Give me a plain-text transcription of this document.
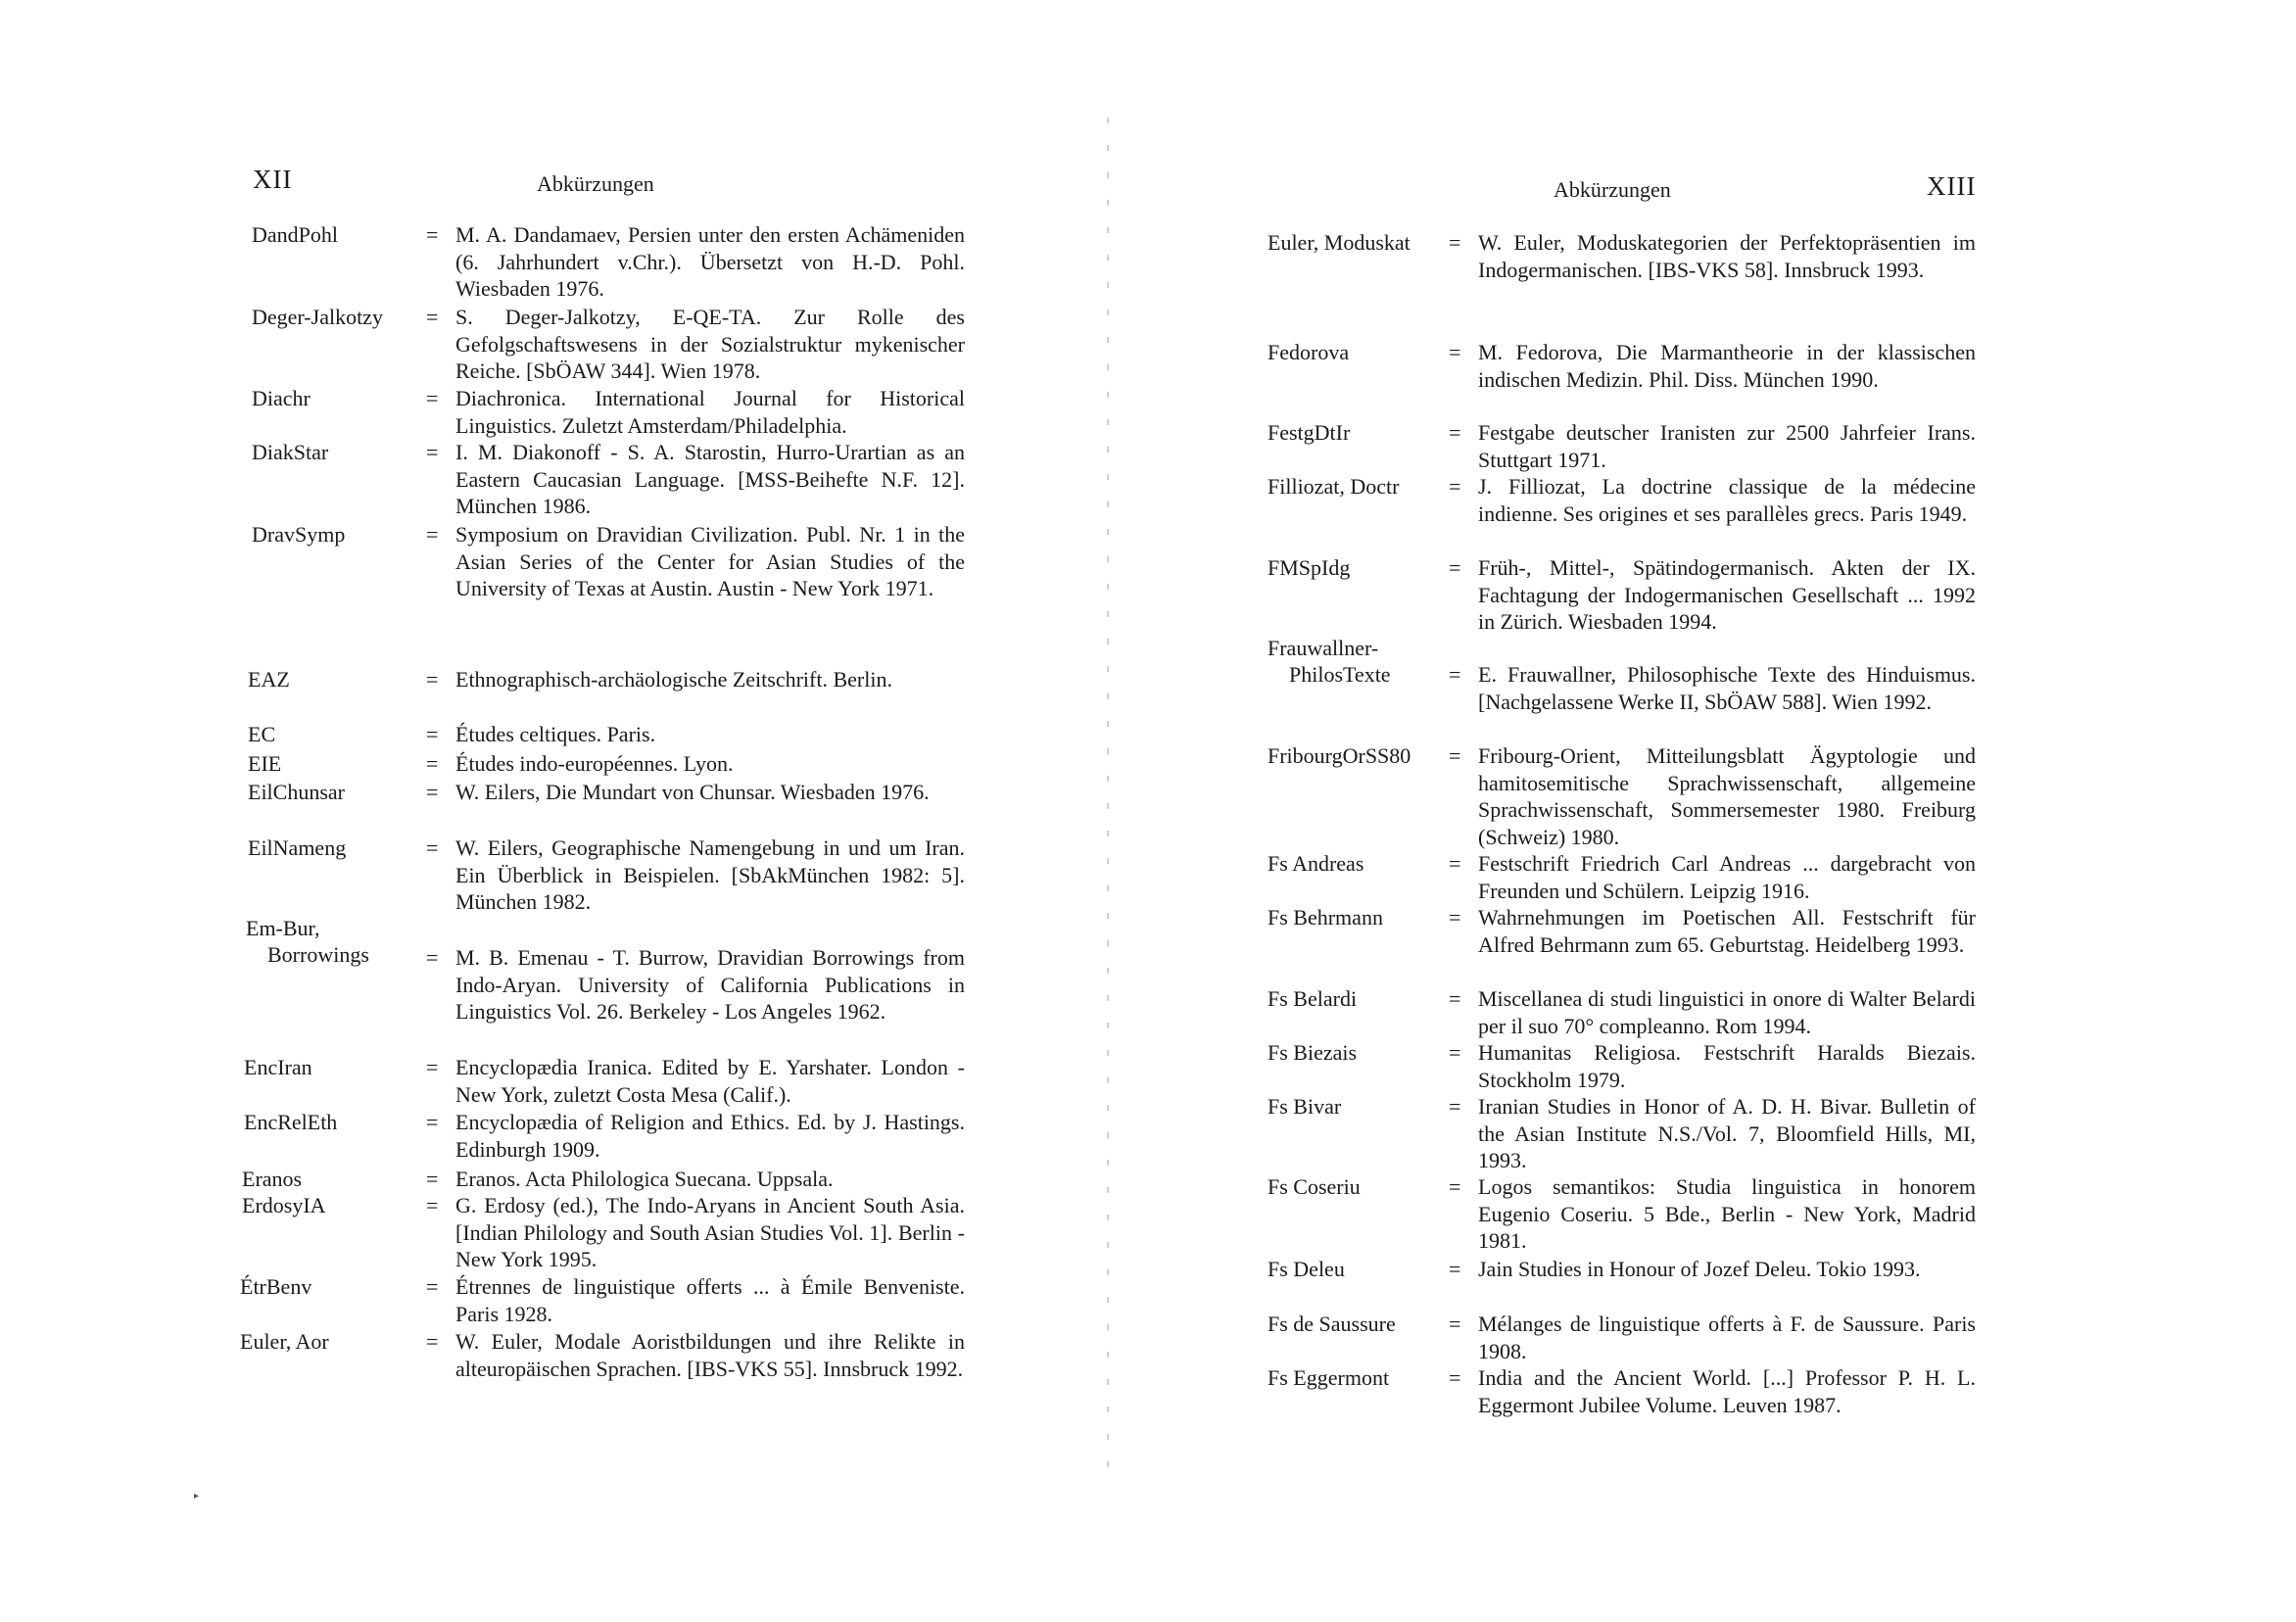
XII	Abkürzungen
DandPohl	= M. A. Dandamaev, Persien unter den ersten Achämeniden (6. Jahrhundert v.Chr.). Übersetzt von H.-D. Pohl. Wiesbaden 1976.
Deger-Jalkotzy = S. Deger-Jalkotzy, E-QE-TA. Zur Rolle des Gefolgschaftswesens in der Sozialstruktur mykenischer Reiche. [SbÖAW 344]. Wien 1978.
Diachr	= Diachronica. International Journal for Historical Linguistics. Zuletzt Amsterdam/Philadelphia.
DiakStar	= I. M. Diakonoff - S. A. Starostin, Hurro-Urartian as an Eastern Caucasian Language. [MSS-Beihefte N.F. 12]. München 1986.
DravSymp	= Symposium on Dravidian Civilization. Publ. Nr. 1 in the Asian Series of the Center for Asian Studies of the University of Texas at Austin. Austin - New York 1971.
EAZ	= Ethnographisch-archäologische Zeitschrift. Berlin.
EC	= Études celtiques. Paris.
EIE	= Études indo-européennes. Lyon.
EilChunsar	= W. Eilers, Die Mundart von Chunsar. Wiesbaden 1976.
EilNameng	= W. Eilers, Geographische Namengebung in und um Iran. Ein Überblick in Beispielen. [SbAkMünchen 1982: 5]. München 1982.
Em-Bur,
Borrowings	= M. B. Emenau - T. Burrow, Dravidian Borrowings from Indo-Aryan. University of California Publications in Linguistics Vol. 26. Berkeley - Los Angeles 1962.
EncIran	= Encyclopædia Iranica. Edited by E. Yarshater. London - New York, zuletzt Costa Mesa (Calif.).
EncRelEth	= Encyclopædia of Religion and Ethics. Ed. by J. Hastings. Edinburgh 1909.
Eranos	= Eranos. Acta Philologica Suecana. Uppsala.
ErdosyIA	= G. Erdosy (ed.), The Indo-Aryans in Ancient South Asia. [Indian Philology and South Asian Studies Vol. 1]. Berlin - New York 1995.
ÉtrBenv	= Étrennes de linguistique offerts ... à Émile Benveniste. Paris 1928.
Euler, Aor	= W. Euler, Modale Aoristbildungen und ihre Relikte in alteuropäischen Sprachen. [IBS-VKS 55]. Innsbruck 1992.
▸
Abkürzungen	XIII
Euler, Moduskat = W. Euler, Moduskategorien der Perfektopräsentien im Indogermanischen. [IBS-VKS 58]. Innsbruck 1993.
Fedorova	= M. Fedorova, Die Marmantheorie in der klassischen indischen Medizin. Phil. Diss. München 1990.
FestgDtIr	= Festgabe deutscher Iranisten zur 2500 Jahrfeier Irans. Stuttgart 1971.
Filliozat, Doctr = J. Filliozat, La doctrine classique de la médecine indienne. Ses origines et ses parallèles grecs. Paris 1949.
FMSpIdg	= Früh-, Mittel-, Spätindogermanisch. Akten der IX. Fachtagung der Indogermanischen Gesellschaft ... 1992 in Zürich. Wiesbaden 1994.
Frauwallner-
PhilosTexte	= E. Frauwallner, Philosophische Texte des Hinduismus. [Nachgelassene Werke II, SbÖAW 588]. Wien 1992.
FribourgOrSS80 = Fribourg-Orient, Mitteilungsblatt Ägyptologie und hamitosemitische Sprachwissenschaft, allgemeine Sprachwissenschaft, Sommersemester 1980. Freiburg (Schweiz) 1980.
Fs Andreas	= Festschrift Friedrich Carl Andreas ... dargebracht von Freunden und Schülern. Leipzig 1916.
Fs Behrmann	= Wahrnehmungen im Poetischen All. Festschrift für Alfred Behrmann zum 65. Geburtstag. Heidelberg 1993.
Fs Belardi	= Miscellanea di studi linguistici in onore di Walter Belardi per il suo 70° compleanno. Rom 1994.
Fs Biezais	= Humanitas Religiosa. Festschrift Haralds Biezais. Stockholm 1979.
Fs Bivar	= Iranian Studies in Honor of A. D. H. Bivar. Bulletin of the Asian Institute N.S./Vol. 7, Bloomfield Hills, MI, 1993.
Fs Coseriu	= Logos semantikos: Studia linguistica in honorem Eugenio Coseriu. 5 Bde., Berlin - New York, Madrid 1981.
Fs Deleu	= Jain Studies in Honour of Jozef Deleu. Tokio 1993.
Fs de Saussure = Mélanges de linguistique offerts à F. de Saussure. Paris 1908.
Fs Eggermont	= India and the Ancient World. [...] Professor P. H. L. Eggermont Jubilee Volume. Leuven 1987.
